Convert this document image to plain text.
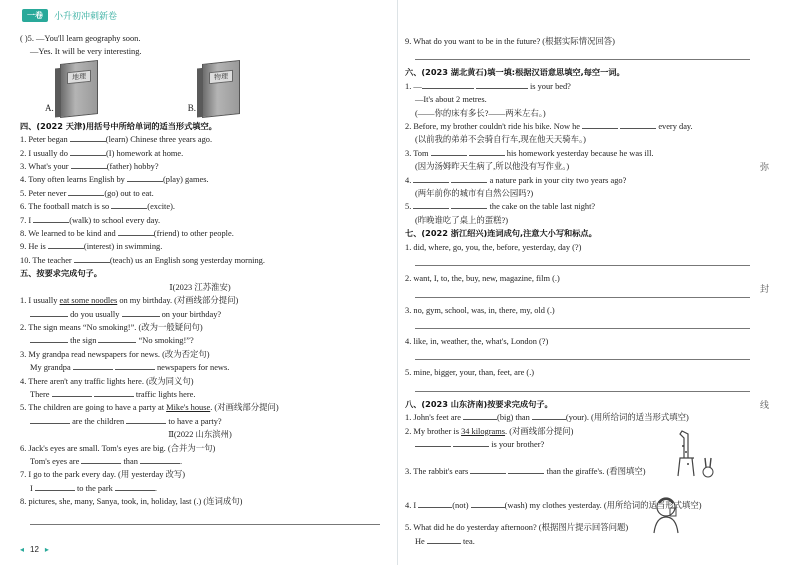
一卷	小升初冲刺新卷
( )5. —You'll learn geography soon.
—Yes. It will be very interesting.
A.
地理
B.
物理
四、(2022 天津)用括号中所给单词的适当形式填空。
1. Peter began	(learn) Chinese three years ago.
2. I usually do	(I) homework at home.
3. What's your	(father) hobby?
4. Tony often learns English by	(play) games.
5. Peter never	(go) out to eat.
6. The football match is so	(excite).
7. I	(walk) to school every day.
8. We learned to be kind and	(friend) to other people.
9. He is	(interest) in swimming.
10. The teacher	(teach) us an English song yesterday morning.
五、按要求完成句子。
Ⅰ(2023 江苏淮安)
1. I usually eat some noodles on my birthday. (对画线部分提问)
do you usually	on your birthday?
2. The sign means “No smoking!”. (改为一般疑问句)
the sign	“No smoking!”?
3. My grandpa read newspapers for news. (改为否定句)
My grandpa	newspapers for news.
4. There aren't any traffic lights here. (改为同义句)
There	traffic lights here.
5. The children are going to have a party at Mike's house. (对画线部分提问)
are the children	to have a party?
Ⅱ(2022 山东滨州)
6. Jack's eyes are small. Tom's eyes are big. (合并为一句)
Tom's eyes are	than	.
7. I go to the park every day. (用 yesterday 改写)
I	to the park	.
8. pictures, she, many, Sanya, took, in, holiday, last (.) (连词成句)
9. What do you want to be in the future? (根据实际情况回答)
六、(2023 湖北黄石)填一填:根据汉语意思填空,每空一词。
1. —	is your bed?
—It's about 2 metres.
(——你的床有多长?——两米左右。)
2. Before, my brother couldn't ride his bike. Now he	every day.
(以前我的弟弟不会骑自行车,现在他天天骑车。)
3. Tom	his homework yesterday because he was ill.
(因为汤姆昨天生病了,所以他没有写作业。)
4.	a nature park in your city two years ago?
(两年前你的城市有自然公园吗?)
5.	the cake on the table last night?
(昨晚谁吃了桌上的蛋糕?)
七、(2022 浙江绍兴)连词成句,注意大小写和标点。
1. did, where, go, you, the, before, yesterday, day (?)
2. want, I, to, the, buy, new, magazine, film (.)
3. no, gym, school, was, in, there, my, old (.)
4. like, in, weather, the, what's, London (?)
5. mine, bigger, your, than, feet, are (.)
八、(2023 山东济南)按要求完成句子。
1. John's feet are	(big) than	(your). (用所给词的适当形式填空)
2. My brother is 34 kilograms. (对画线部分提问)
is your brother?
3. The rabbit's ears	than the giraffe's. (看图填空)
4. I	(not)	(wash) my clothes yesterday. (用所给词的适当形式填空)
5. What did he do yesterday afternoon? (根据图片提示回答问题)
He	tea.
弥
封
线
◂ 12 ▸
